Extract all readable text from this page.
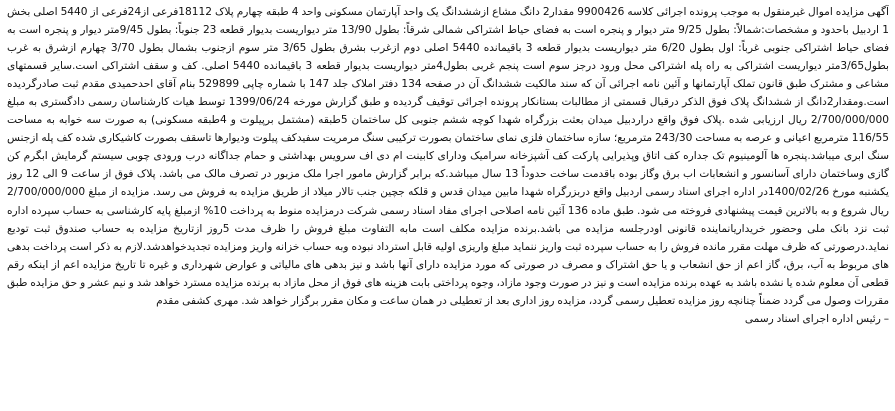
آگهی مزایده اموال غیرمنقول به موجب پرونده اجرائی کلاسه 9900426 مقدار2 دانگ مشاع ازششدانگ یک واحد آپارتمان مسکونی واحد 4 طبقه چهارم پلاک 18112فرعی از24فرعی از 5440 اصلی بخش 1 اردبیل باحدود و مشخصات:شمالاً: بطول 9/25 متر دیوار و پنجره است به فضای حیاط اشتراکی شمالی شرقاً: بطول 13/90 متر دیواریست بدیوار قطعه 23 جنوباً: بطول 9/45متر دیوار و پنجره است به فضای حیاط اشتراکی جنوبی غرباً: اول بطول 6/20 متر دیواریست بدیوار قطعه 3 باقیمانده 5440 اصلی دوم ازغرب بشرق بطول 3/65 متر سوم ازجنوب بشمال بطول 3/70 چهارم ازشرق به غرب بطول3/65متر دیواریست اشتراکی به راه پله اشتراکی محل ورود درجز سوم است پنجم غربی بطول4متر دیواریست بدیوار قطعه 3 باقیمانده 5440 اصلی. کف و سقف اشتراکی است.سایر قسمتهای مشاعی و مشترک طبق قانون تملک آپارتمانها و آئین نامه اجرائی آن که سند مالکیت ششدانگ آن در صفحه 134 دفتر املاک جلد 147 با شماره چاپی 529899 بنام آقای احدحمیدی مقدم ثبت صادرگردیده است.ومقدار2دانگ از ششدانگ پلاک فوق الذکر درقبال قسمتی از مطالبات بستانکار پرونده اجرائی توقیف گردیده و طبق گزارش مورخه 1399/06/24 توسط هیات کارشناسان رسمی دادگستری به مبلغ 2/700/000/000 ریال ارزیابی شده .پلاک فوق واقع دراردبیل میدان بعثت بزرگراه شهدا کوچه ششم جنوبی کل ساختمان 5طبقه (مشتمل برپیلوت و 4طبقه مسکونی) به صورت سه خوابه به مساحت 116/55 مترمربع اعیانی و عرصه به مساحت 243/30 مترمربع؛ سازه ساختمان فلزی نمای ساختمان بصورت ترکیبی سنگ مرمریت سفیدکف پیلوت ودیوارها تاسقف بصورت کاشیکاری شده کف پله ازجنس سنگ ابری میباشد.پنجره ها آلومینیوم تک جداره کف اتاق وپذیرایی پارکت کف آشپزخانه سرامیک ودارای کابینت ام دی اف سرویس بهداشتی و حمام جداگانه درب ورودی چوبی سیستم گرمایش ابگرم کن گازی وساختمان دارای آسانسور و انشعابات اب برق وگاز بوده باقدمت ساخت حدوداً 13 سال میباشد.که برابر گزارش مامور اجرا ملک مزبور در تصرف مالک می باشد. پلاک فوق از ساعت 9 الی 12 روز یکشنبه مورخ 1400/02/26در اداره اجرای اسناد رسمی اردبیل واقع دربزرگراه شهدا مابین میدان قدس و قلکه جچین جنب تالار میلاد از طریق مزایده به فروش می رسد. مزایده از مبلغ 2/700/000/000 ریال شروع و به بالاترین قیمت پیشنهادی فروخته می شود. طبق ماده 136 آئین نامه اصلاحی اجرای مفاد اسناد رسمی شرکت درمزایده منوط به پرداخت 10% ازمبلغ پایه کارشناسی به حساب سپرده اداره ثبت نزد بانک ملی وحضور خریداریانماینده قانونی اودرجلسه مزایده می باشد.برنده مزایده مکلف است مابه التفاوت مبلغ فروش را ظرف مدت 5روز ازتاریخ مزایده به حساب صندوق ثبت تودیع نماید.درصورتی که ظرف مهلت مقرر مانده فروش را به حساب سپرده ثبت واریز ننماید مبلغ واریزی اولیه قابل استرداد نبوده وبه حساب خزانه واریز ومزایده تجدیدخواهدشد.لازم به ذکر است پرداخت بدهی های مربوط به آب، برق، گاز اعم از حق انشعاب و یا حق اشتراک و مصرف در صورتی که مورد مزایده دارای آنها باشد و نیز بدهی های مالیاتی و عوارض شهرداری و غیره تا تاریخ مزایده اعم از اینکه رقم قطعی آن معلوم شده یا نشده باشد به عهده برنده مزایده است و نیز در صورت وجود مازاد، وجوه پرداختی بابت هزینه های فوق از محل مازاد به برنده مزایده مسترد خواهد شد و نیم عشر و حق مزایده طبق مقررات وصول می گردد ضمناً چنانچه روز مزایده تعطیل رسمی گردد، مزایده روز اداری بعد از تعطیلی در همان ساعت و مکان مقرر برگزار خواهد شد. مهری کشفی مقدم

– رئیس اداره اجرای اسناد رسمی
